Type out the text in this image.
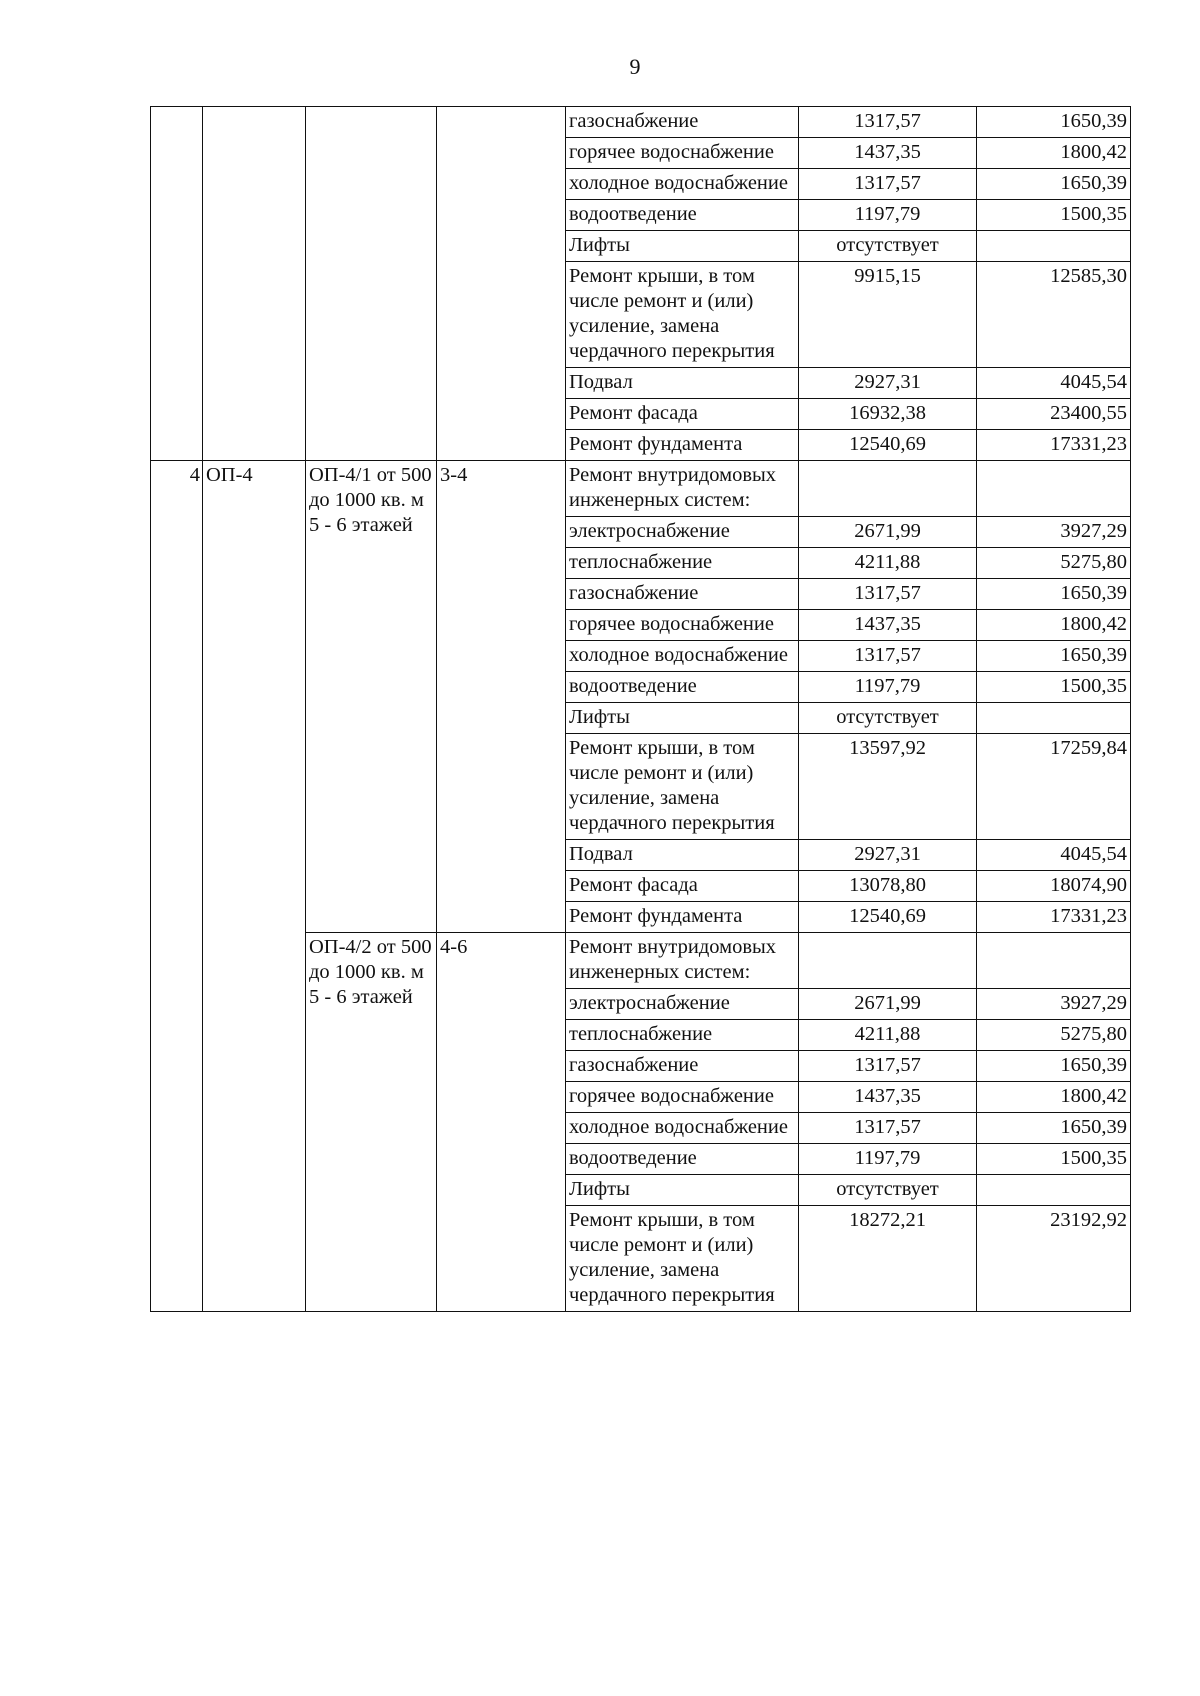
9
				газоснабжение	1317,57	1650,39
				горячее водоснабжение	1437,35	1800,42
				холодное водоснабжение	1317,57	1650,39
				водоотведение	1197,79	1500,35
				Лифты	отсутствует	
				Ремонт крыши, в том числе ремонт и (или) усиление, замена чердачного перекрытия	9915,15	12585,30
				Подвал	2927,31	4045,54
				Ремонт фасада	16932,38	23400,55
				Ремонт фундамента	12540,69	17331,23
4	ОП-4	ОП-4/1 от 500 до 1000 кв. м 5 - 6 этажей	3-4	Ремонт внутридомовых инженерных систем:		
				электроснабжение	2671,99	3927,29
				теплоснабжение	4211,88	5275,80
				газоснабжение	1317,57	1650,39
				горячее водоснабжение	1437,35	1800,42
				холодное водоснабжение	1317,57	1650,39
				водоотведение	1197,79	1500,35
				Лифты	отсутствует	
				Ремонт крыши, в том числе ремонт и (или) усиление, замена чердачного перекрытия	13597,92	17259,84
				Подвал	2927,31	4045,54
				Ремонт фасада	13078,80	18074,90
				Ремонт фундамента	12540,69	17331,23
		ОП-4/2 от 500 до 1000 кв. м 5 - 6 этажей	4-6	Ремонт внутридомовых инженерных систем:		
				электроснабжение	2671,99	3927,29
				теплоснабжение	4211,88	5275,80
				газоснабжение	1317,57	1650,39
				горячее водоснабжение	1437,35	1800,42
				холодное водоснабжение	1317,57	1650,39
				водоотведение	1197,79	1500,35
				Лифты	отсутствует	
				Ремонт крыши, в том числе ремонт и (или) усиление, замена чердачного перекрытия	18272,21	23192,92
